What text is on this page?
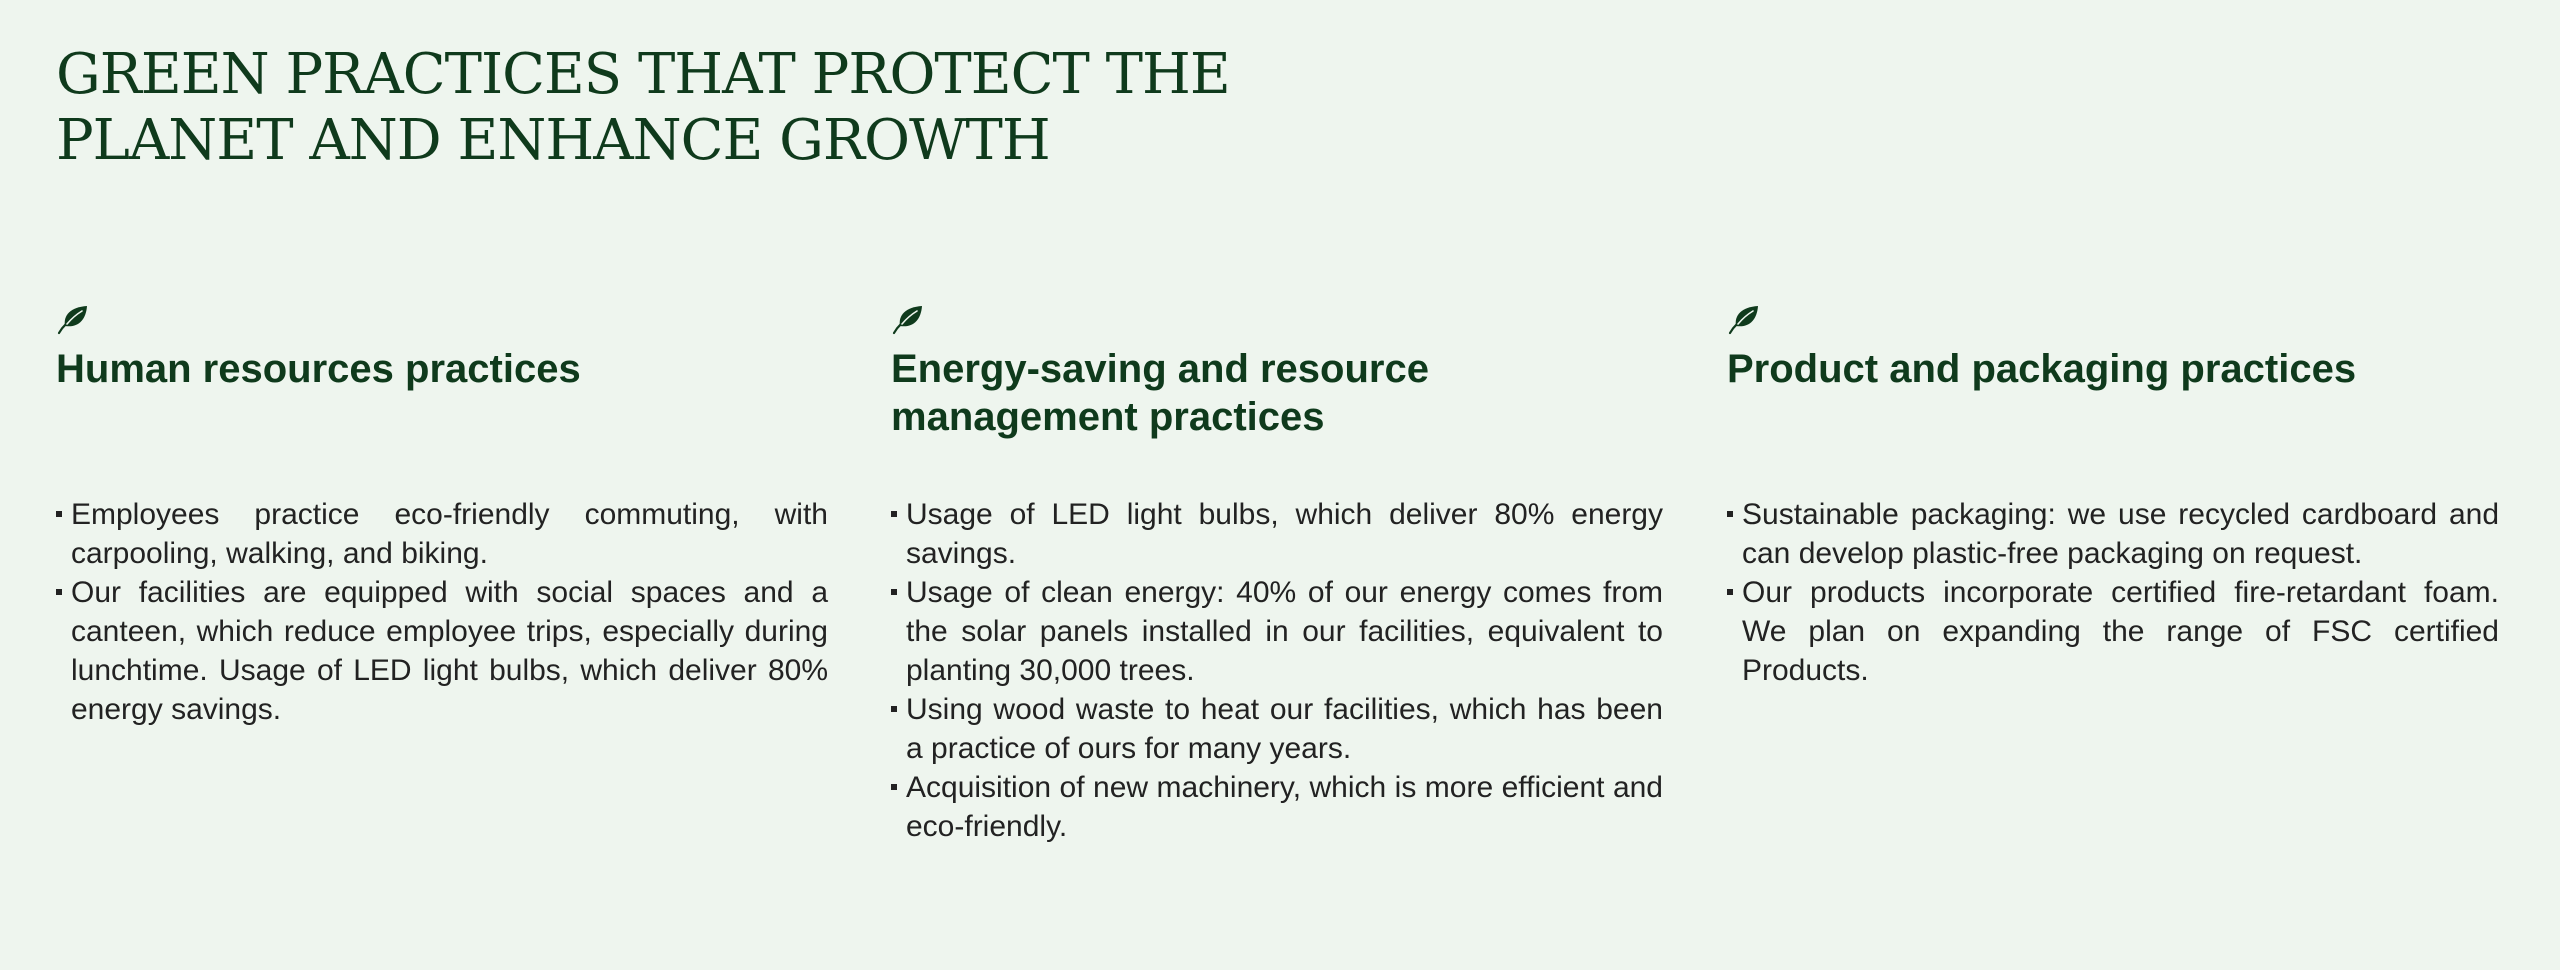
GREEN PRACTICES THAT PROTECT THE PLANET AND ENHANCE GROWTH
Human resources practices
Employees practice eco-friendly commuting, with carpooling, walking, and biking.
Our facilities are equipped with social spaces and a canteen, which reduce employee trips, especially during lunchtime. Usage of LED light bulbs, which deliver 80% energy savings.
Energy-saving and resource management practices
Usage of LED light bulbs, which deliver 80% energy savings.
Usage of clean energy: 40% of our energy comes from the solar panels installed in our facilities, equivalent to planting 30,000 trees.
Using wood waste to heat our facilities, which has been a practice of ours for many years.
Acquisition of new machinery, which is more efficient and eco-friendly.
Product and packaging practices
Sustainable packaging: we use recycled cardboard and can develop plastic-free packaging on request.
Our products incorporate certified fire-retardant foam. We plan on expanding the range of FSC certified Products.
